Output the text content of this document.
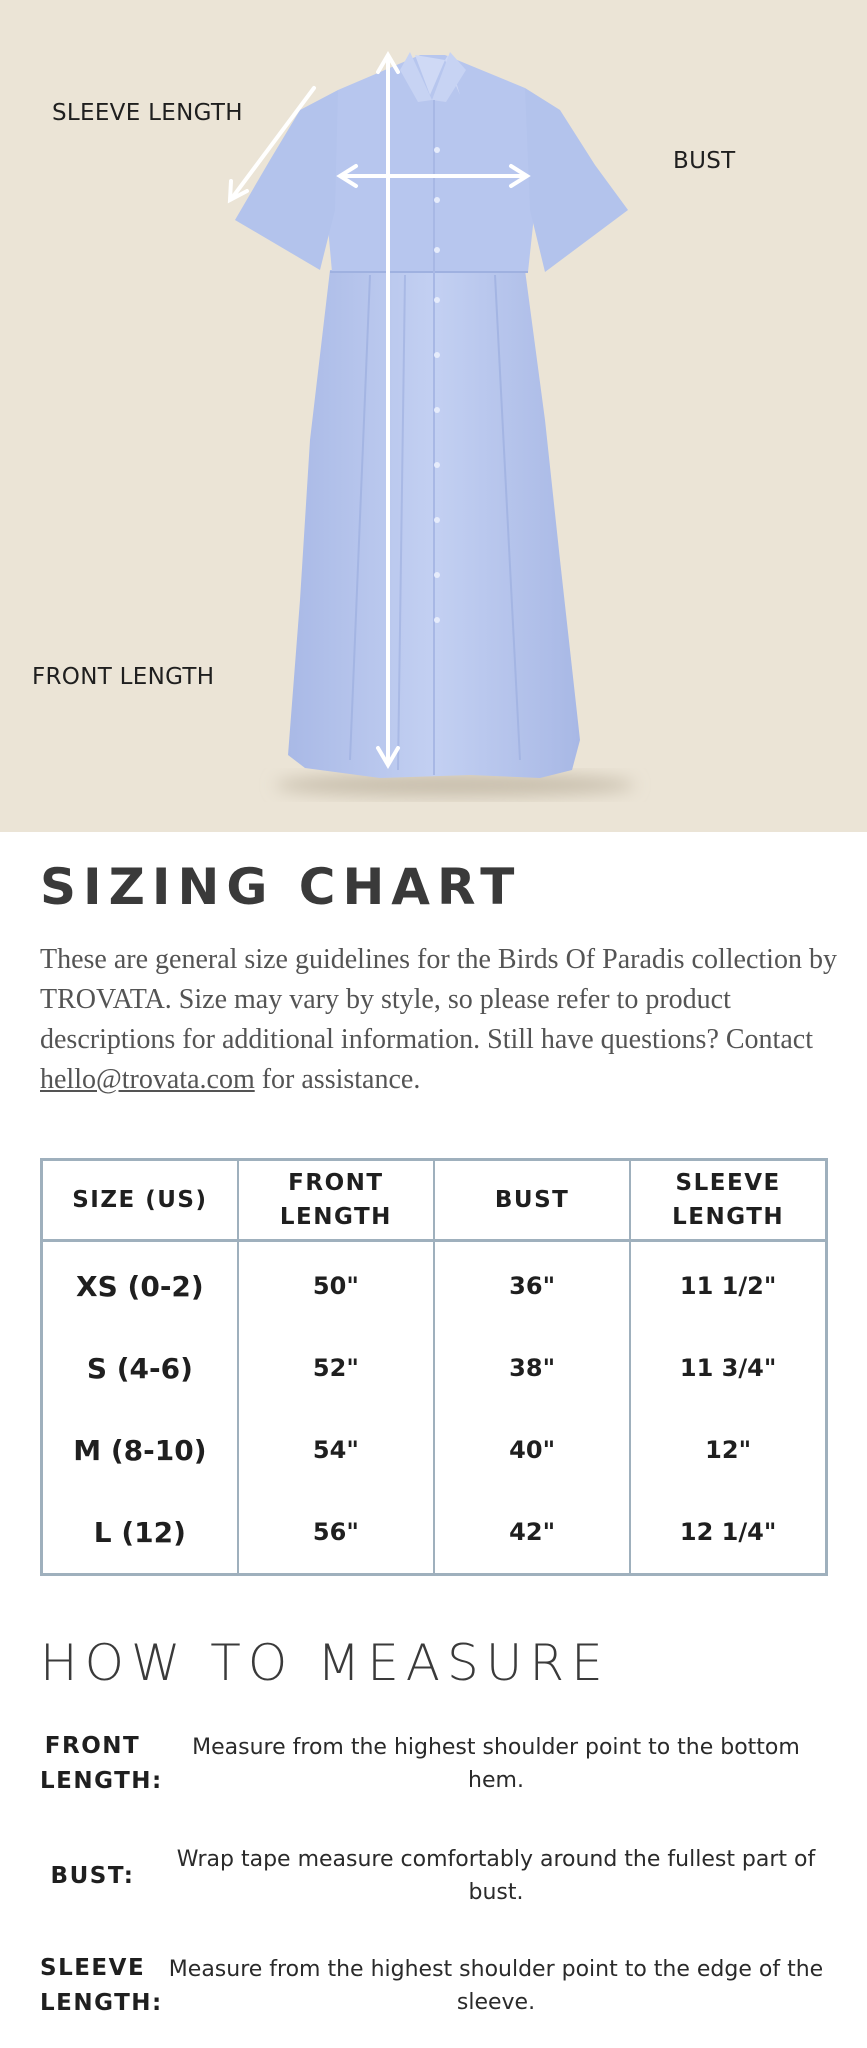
SLEEVE LENGTH
BUST
FRONT LENGTH
SIZING CHART

These are general size guidelines for the Birds Of Paradis collection by TROVATA. Size may vary by style, so please refer to product descriptions for additional information. Still have questions? Contact hello@trovata.com for assistance.

SIZE (US)	FRONT LENGTH	BUST	SLEEVE LENGTH
XS (0-2)	50"	36"	11 1/2"
S (4-6)	52"	38"	11 3/4"
M (8-10)	54"	40"	12"
L (12)	56"	42"	12 1/4"
HOW TO MEASURE
FRONT LENGTH:
Measure from the highest shoulder point to the bottom hem.
BUST:
Wrap tape measure comfortably around the fullest part of bust.
SLEEVE LENGTH:
Measure from the highest shoulder point to the edge of the sleeve.
